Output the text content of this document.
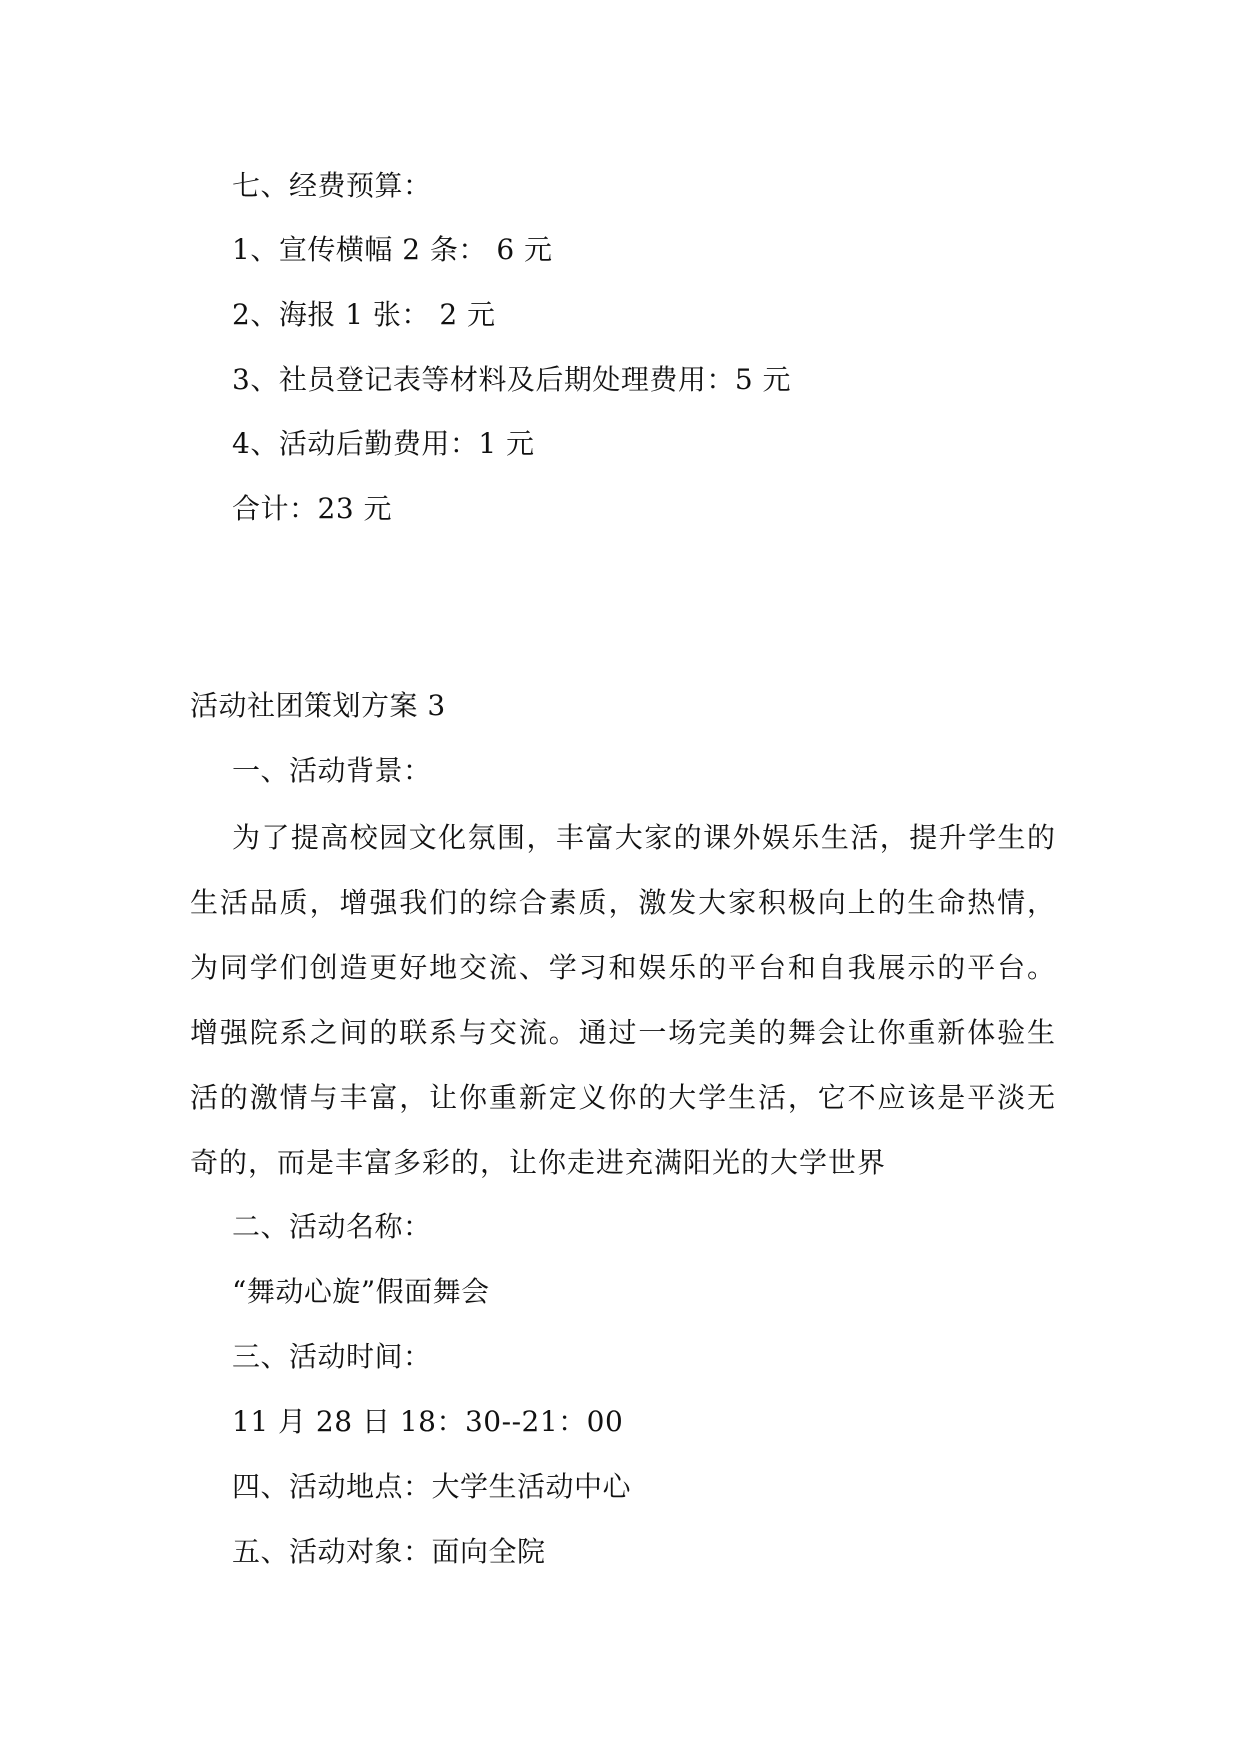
七、经费预算：
1、宣传横幅 2 条： 6 元
2、海报 1 张： 2 元
3、社员登记表等材料及后期处理费用：5 元
4、活动后勤费用：1 元
合计：23 元
活动社团策划方案 3
一、活动背景：
为了提高校园文化氛围，丰富大家的课外娱乐生活，提升学生的生活品质，增强我们的综合素质，激发大家积极向上的生命热情，为同学们创造更好地交流、学习和娱乐的平台和自我展示的平台。增强院系之间的联系与交流。通过一场完美的舞会让你重新体验生活的激情与丰富，让你重新定义你的大学生活，它不应该是平淡无奇的，而是丰富多彩的，让你走进充满阳光的大学世界
二、活动名称：
“舞动心旋”假面舞会
三、活动时间：
11 月 28 日 18：30--21：00
四、活动地点：大学生活动中心
五、活动对象：面向全院
